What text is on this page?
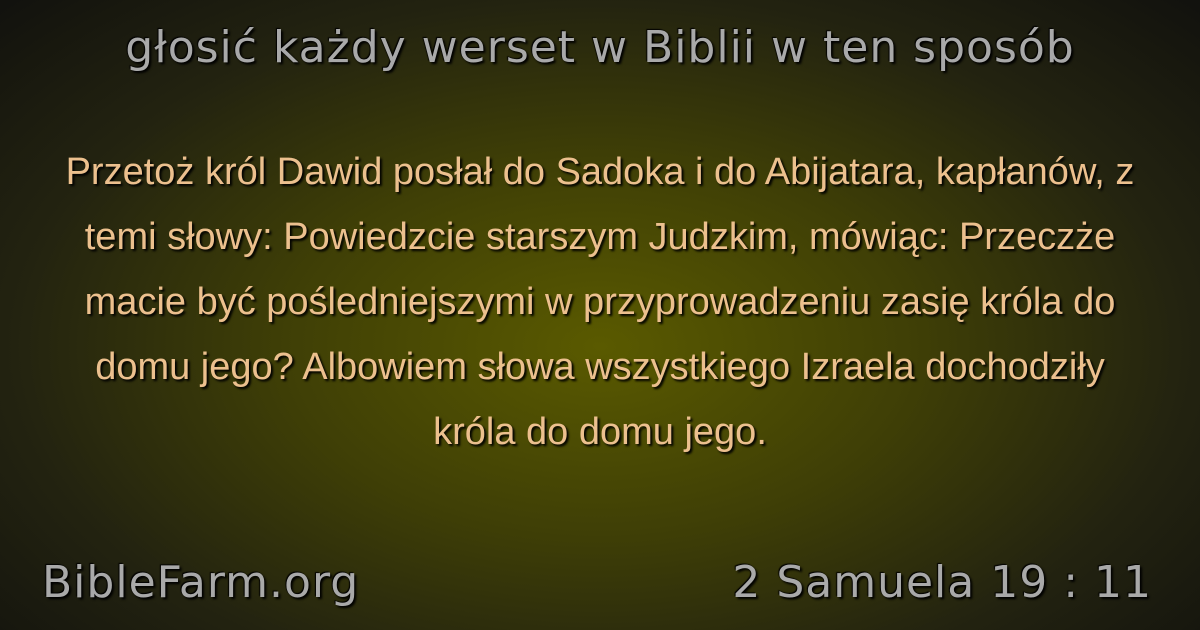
głosić każdy werset w Biblii w ten sposób
Przetoż król Dawid posłał do Sadoka i do Abijatara, kapłanów, z temi słowy: Powiedzcie starszym Judzkim, mówiąc: Przeczże macie być pośledniejszymi w przyprowadzeniu zasię króla do domu jego? Albowiem słowa wszystkiego Izraela dochodziły króla do domu jego.
BibleFarm.org	2 Samuela 19 : 11
